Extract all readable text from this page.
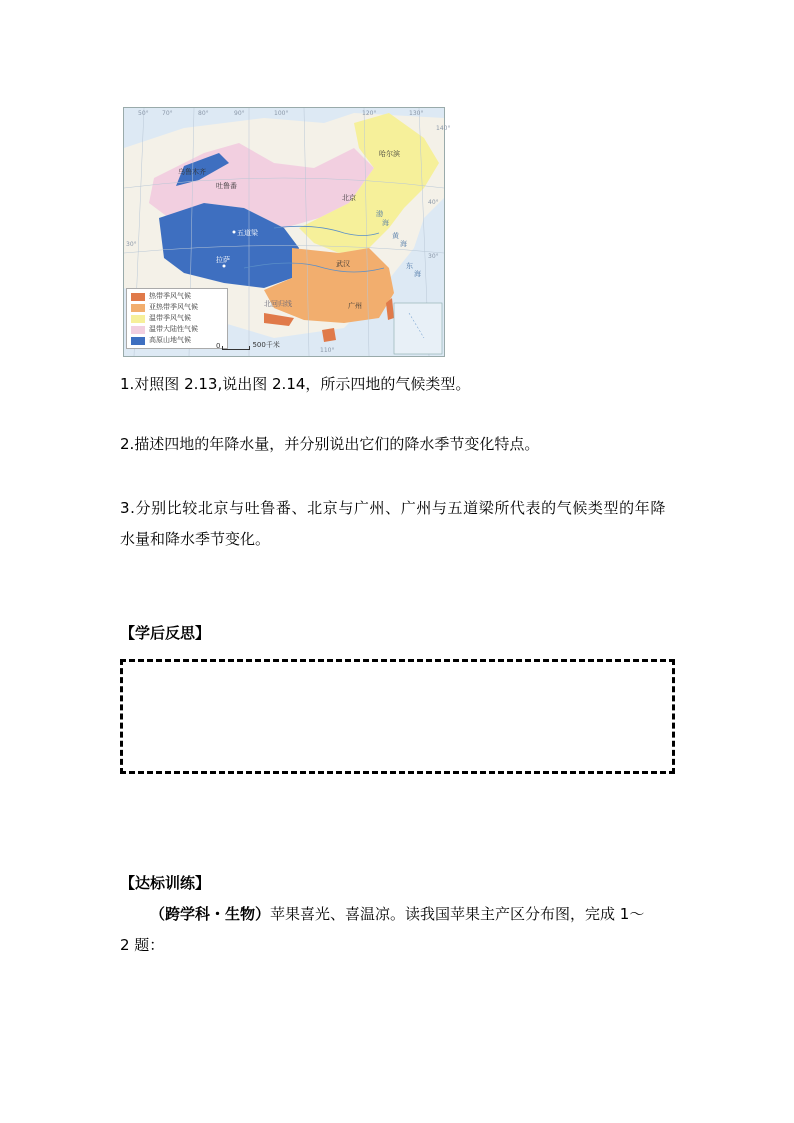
50° 70°	80°	90°	100°	120°	130°
140°
30°
40°
30°
110°
乌鲁木齐
吐鲁番
哈尔滨
北京
五道梁
拉萨	武汉
广州
北回归线
渤
海
黄
海
东
海
热带季风气候
亚热带季风气候
温带季风气候
温带大陆性气候
高原山地气候
0	500千米
1.对照图 2.13,说出图 2.14，所示四地的气候类型。
2.描述四地的年降水量，并分别说出它们的降水季节变化特点。
3.分别比较北京与吐鲁番、北京与广州、广州与五道梁所代表的气候类型的年降
水量和降水季节变化。
【学后反思】
【达标训练】
（跨学科・生物）苹果喜光、喜温凉。读我国苹果主产区分布图，完成 1～
2 题：
